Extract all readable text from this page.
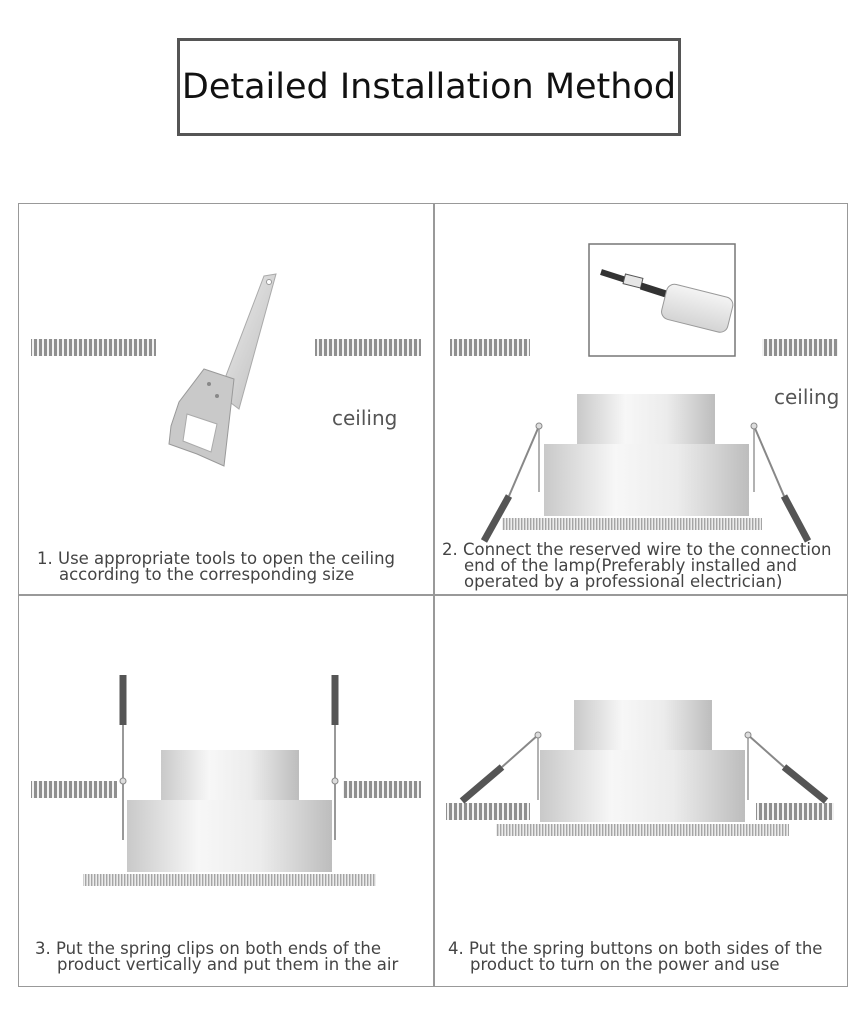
Detailed Installation Method
ceiling
1. Use appropriate tools to open the ceiling
according to the corresponding size
ceiling
2. Connect the reserved wire to the connection
end of the lamp(Preferably installed and
operated by a professional electrician)
3. Put the spring clips on both ends of the
product vertically and put them in the air
4. Put the spring buttons on both sides of the
product to turn on the power and use
